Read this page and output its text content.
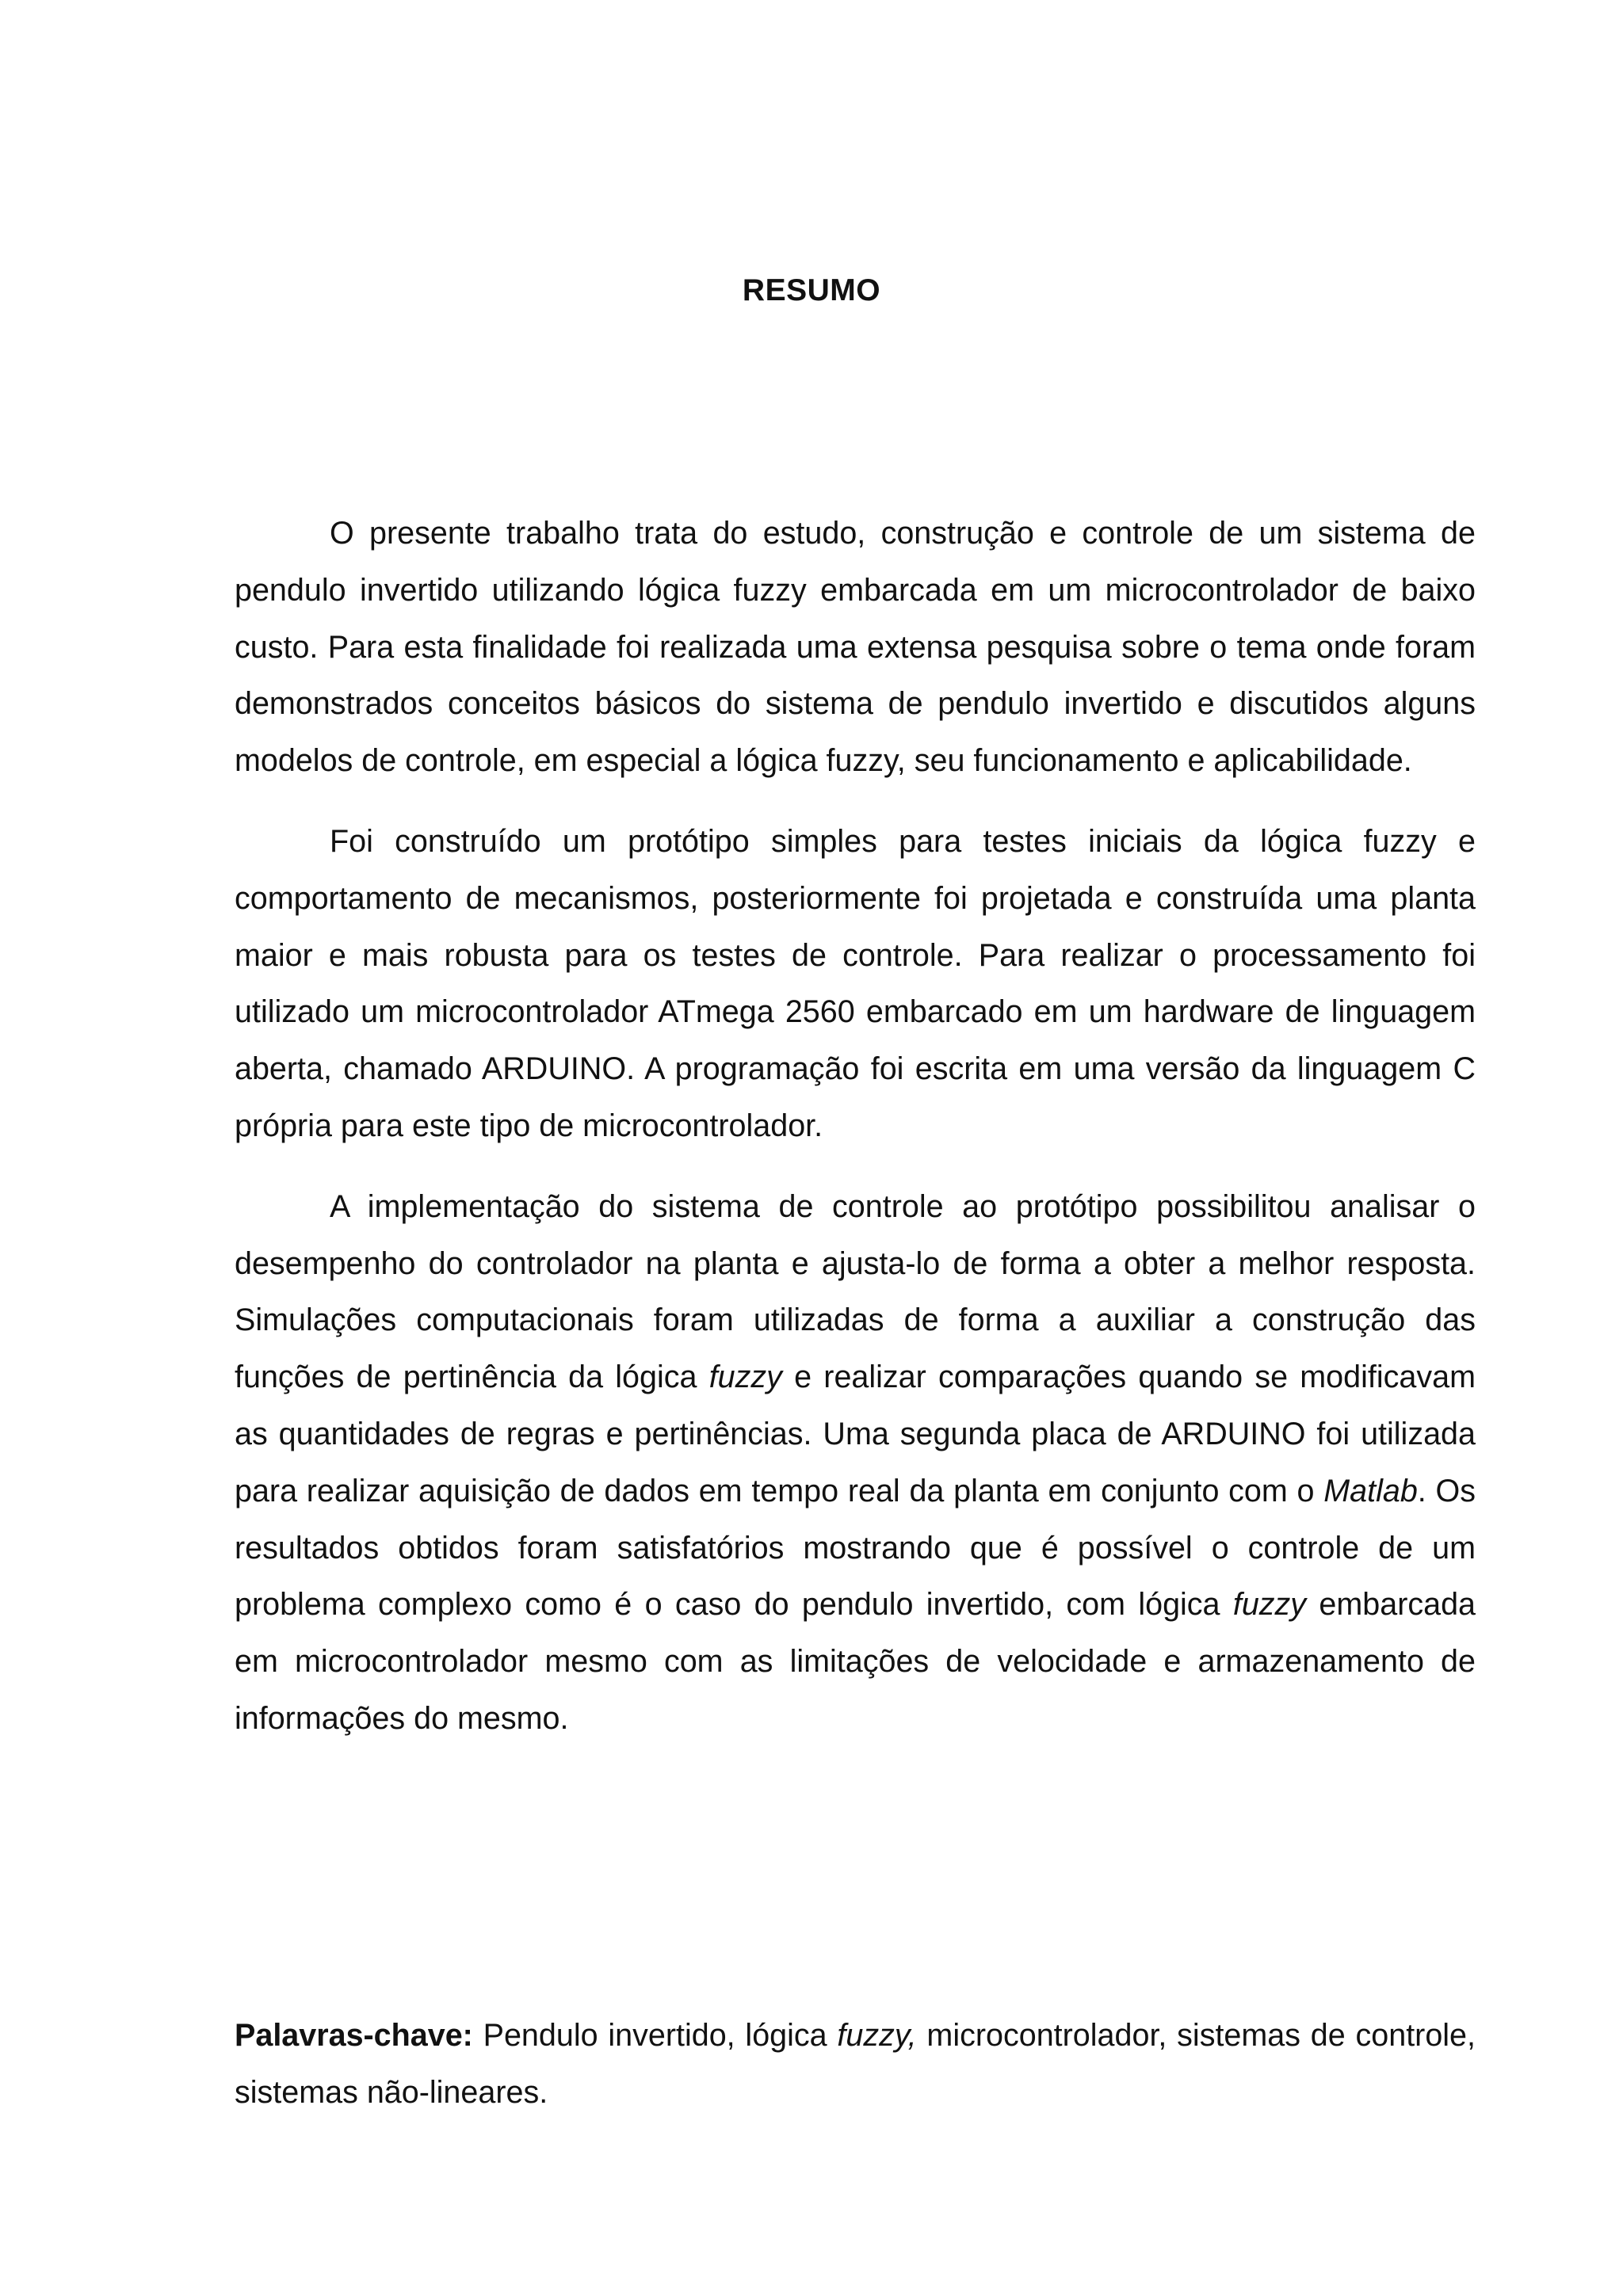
RESUMO

O presente trabalho trata do estudo, construção e controle de um sistema de pendulo invertido utilizando lógica fuzzy embarcada em um microcontrolador de baixo custo. Para esta finalidade foi realizada uma extensa pesquisa sobre o tema onde foram demonstrados conceitos básicos do sistema de pendulo invertido e discutidos alguns modelos de controle, em especial a lógica fuzzy, seu funcionamento e aplicabilidade.

Foi construído um protótipo simples para testes iniciais da lógica fuzzy e comportamento de mecanismos, posteriormente foi projetada e construída uma planta maior e mais robusta para os testes de controle. Para realizar o processamento foi utilizado um microcontrolador ATmega 2560 embarcado em um hardware de linguagem aberta, chamado ARDUINO. A programação foi escrita em uma versão da linguagem C própria para este tipo de microcontrolador.

A implementação do sistema de controle ao protótipo possibilitou analisar o desempenho do controlador na planta e ajusta-lo de forma a obter a melhor resposta. Simulações computacionais foram utilizadas de forma a auxiliar a construção das funções de pertinência da lógica fuzzy e realizar comparações quando se modificavam as quantidades de regras e pertinências. Uma segunda placa de ARDUINO foi utilizada para realizar aquisição de dados em tempo real da planta em conjunto com o Matlab. Os resultados obtidos foram satisfatórios mostrando que é possível o controle de um problema complexo como é o caso do pendulo invertido, com lógica fuzzy embarcada em microcontrolador mesmo com as limitações de velocidade e armazenamento de informações do mesmo.

Palavras-chave: Pendulo invertido, lógica fuzzy, microcontrolador, sistemas de controle, sistemas não-lineares.
